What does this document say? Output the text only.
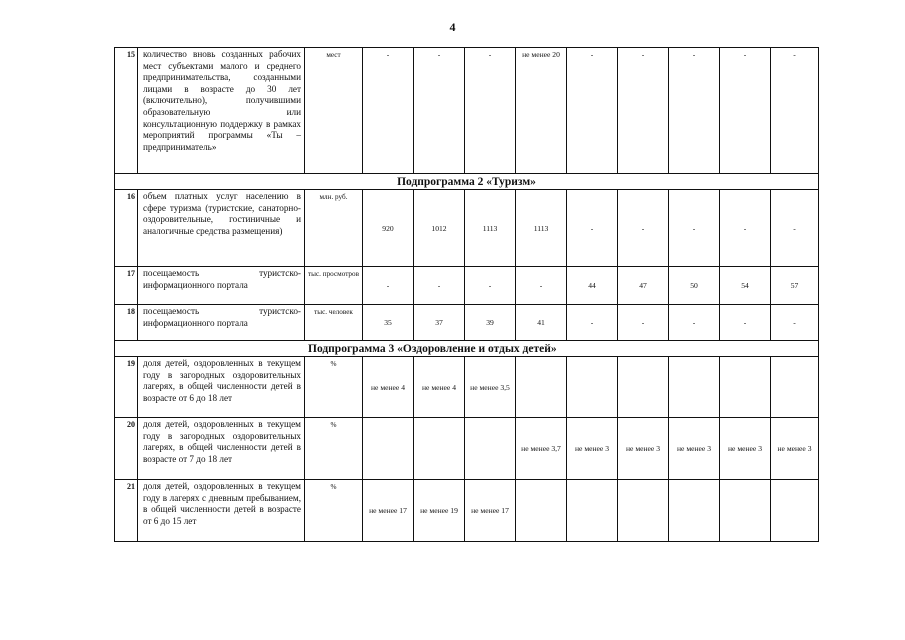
4
15	количество вновь созданных рабочих мест субъектами малого и среднего предпринимательства, созданными лицами в возрасте до 30 лет (включительно), получившими образовательную или консультационную поддержку в рамках мероприятий программы «Ты – предприниматель»	мест	-	-	-	не менее 20	-	-	-	-	-
Подпрограмма 2 «Туризм»											
16	объем платных услуг населению в сфере туризма (туристские, санаторно-оздоровительные, гостиничные и аналогичные средства размещения)	млн. руб.	920	1012	1113	1113	-	-	-	-	-
17	посещаемость туристско-информационного портала	тыс. просмотров	-	-	-	-	44	47	50	54	57
18	посещаемость туристско-информационного портала	тыс. человек	35	37	39	41	-	-	-	-	-
Подпрограмма 3 «Оздоровление и отдых детей»											
19	доля детей, оздоровленных в текущем году в загородных оздоровительных лагерях, в общей численности детей в возрасте от 6 до 18 лет	%	не менее 4	не менее 4	не менее 3,5						
20	доля детей, оздоровленных в текущем году в загородных оздоровительных лагерях, в общей численности детей в возрасте от 7 до 18 лет	%				не менее 3,7	не менее 3	не менее 3	не менее 3	не менее 3	не менее 3
21	доля детей, оздоровленных в текущем году в лагерях с дневным пребыванием, в общей численности детей в возрасте от 6 до 15 лет	%	не менее 17	не менее 19	не менее 17						
